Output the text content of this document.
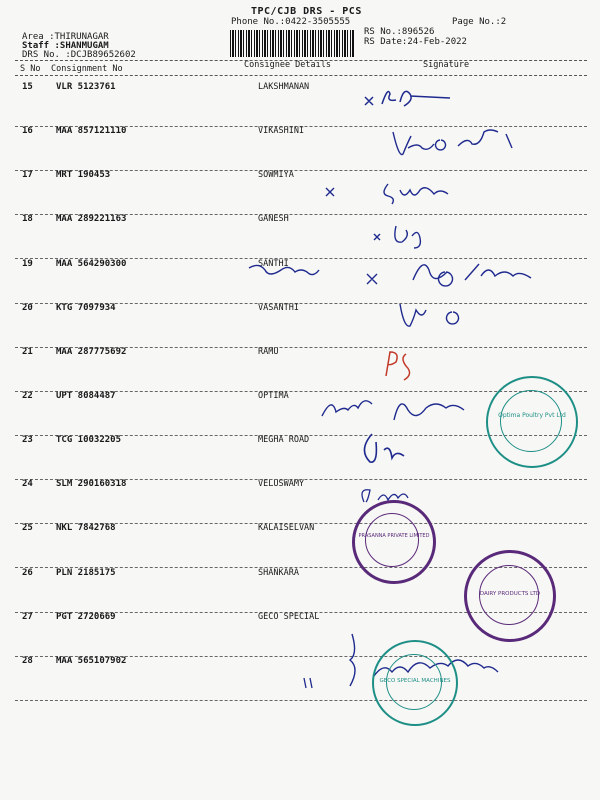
TPC/CJB DRS - PCS
Phone No.:0422-3505555	Page No.:2
Area :THIRUNAGAR
Staff :SHANMUGAM
DRS No. :DCJB89652602
RS No.:896526
RS Date:24-Feb-2022
S No Consignment No	Consignee Details	Signature
15	VLR 5123761	LAKSHMANAN
16	MAA 857121110	VIKASHINI
17	MRT 190453	SOWMIYA
18	MAA 289221163	GANESH
19	MAA 564290300	SANTHI
20	KTG 7097934	VASANTHI
21	MAA 287775692	RAMU
22	UPT 8084487	OPTIMA
23	TCG 10032205	MEGHA ROAD
24	SLM 290160318	VELUSWAMY
25	NKL 7842768	KALAISELVAN
26	PLN 2185175	SHANKARA
27	PGT 2720669	GECO SPECIAL
28	MAA 565107902
Optima Poultry Pvt Ltd
PRASANNA PRIVATE LIMITED
DAIRY PRODUCTS LTD
GECO SPECIAL MACHINES
